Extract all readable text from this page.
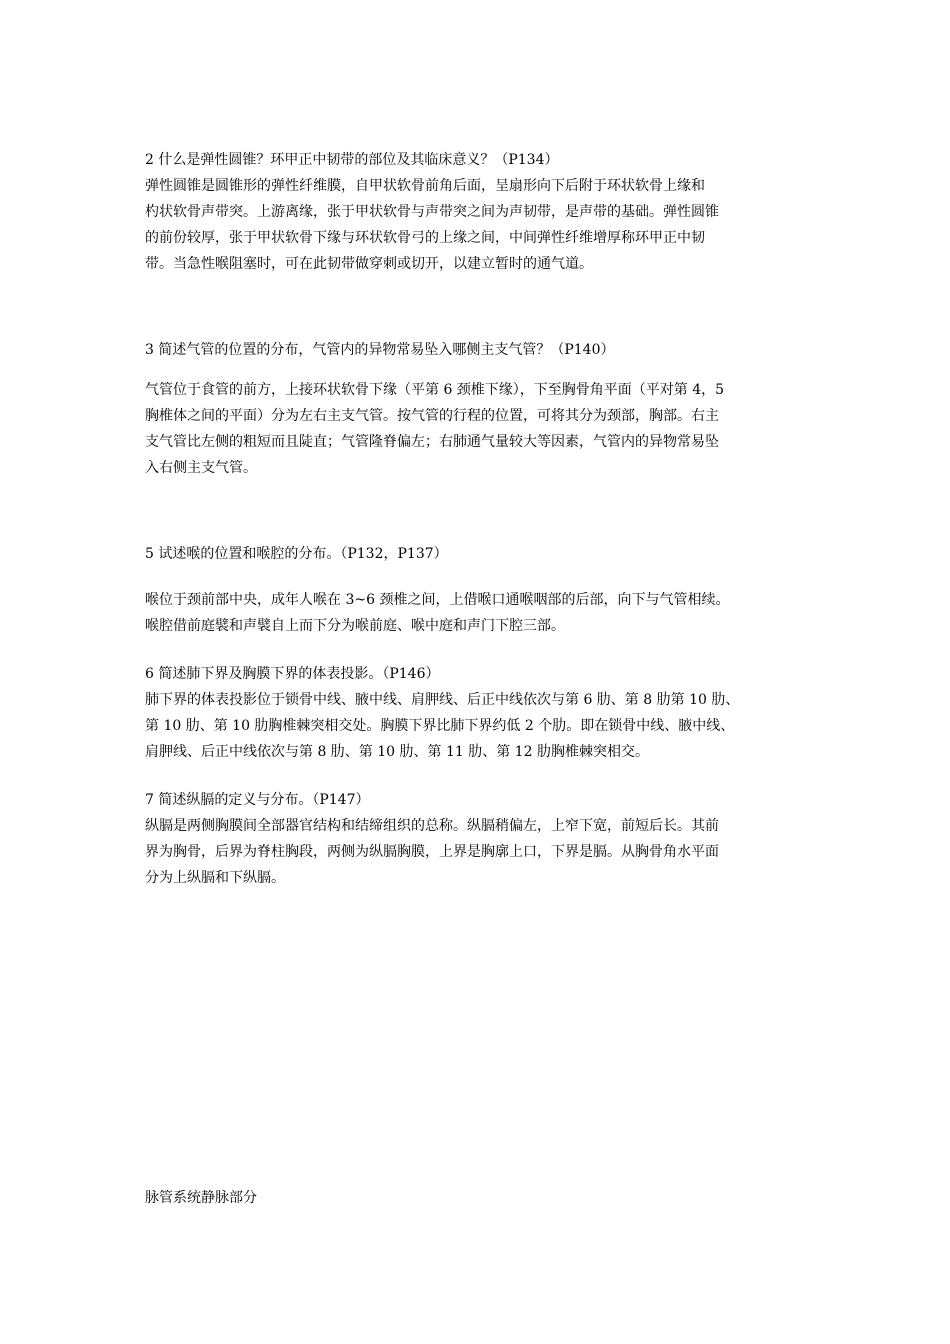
2 什么是弹性圆锥？环甲正中韧带的部位及其临床意义？（P134）
弹性圆锥是圆锥形的弹性纤维膜，自甲状软骨前角后面，呈扇形向下后附于环状软骨上缘和
杓状软骨声带突。上游离缘，张于甲状软骨与声带突之间为声韧带，是声带的基础。弹性圆锥
的前份较厚，张于甲状软骨下缘与环状软骨弓的上缘之间，中间弹性纤维增厚称环甲正中韧
带。当急性喉阻塞时，可在此韧带做穿刺或切开，以建立暂时的通气道。
3 简述气管的位置的分布，气管内的异物常易坠入哪侧主支气管？（P140）
气管位于食管的前方，上接环状软骨下缘（平第 6 颈椎下缘），下至胸骨角平面（平对第 4，5
胸椎体之间的平面）分为左右主支气管。按气管的行程的位置，可将其分为颈部，胸部。右主
支气管比左侧的粗短而且陡直；气管隆脊偏左；右肺通气量较大等因素，气管内的异物常易坠
入右侧主支气管。
5 试述喉的位置和喉腔的分布。（P132，P137）
喉位于颈前部中央，成年人喉在 3~6 颈椎之间，上借喉口通喉咽部的后部，向下与气管相续。
喉腔借前庭襞和声襞自上而下分为喉前庭、喉中庭和声门下腔三部。
6 简述肺下界及胸膜下界的体表投影。（P146）
肺下界的体表投影位于锁骨中线、腋中线、肩胛线、后正中线依次与第 6 肋、第 8 肋第 10 肋、
第 10 肋、第 10 肋胸椎棘突相交处。胸膜下界比肺下界约低 2 个肋。即在锁骨中线、腋中线、
肩胛线、后正中线依次与第 8 肋、第 10 肋、第 11 肋、第 12 肋胸椎棘突相交。
7 简述纵膈的定义与分布。（P147）
纵膈是两侧胸膜间全部器官结构和结缔组织的总称。纵膈稍偏左，上窄下宽，前短后长。其前
界为胸骨，后界为脊柱胸段，两侧为纵膈胸膜，上界是胸廓上口，下界是膈。从胸骨角水平面
分为上纵膈和下纵膈。
脉管系统静脉部分
